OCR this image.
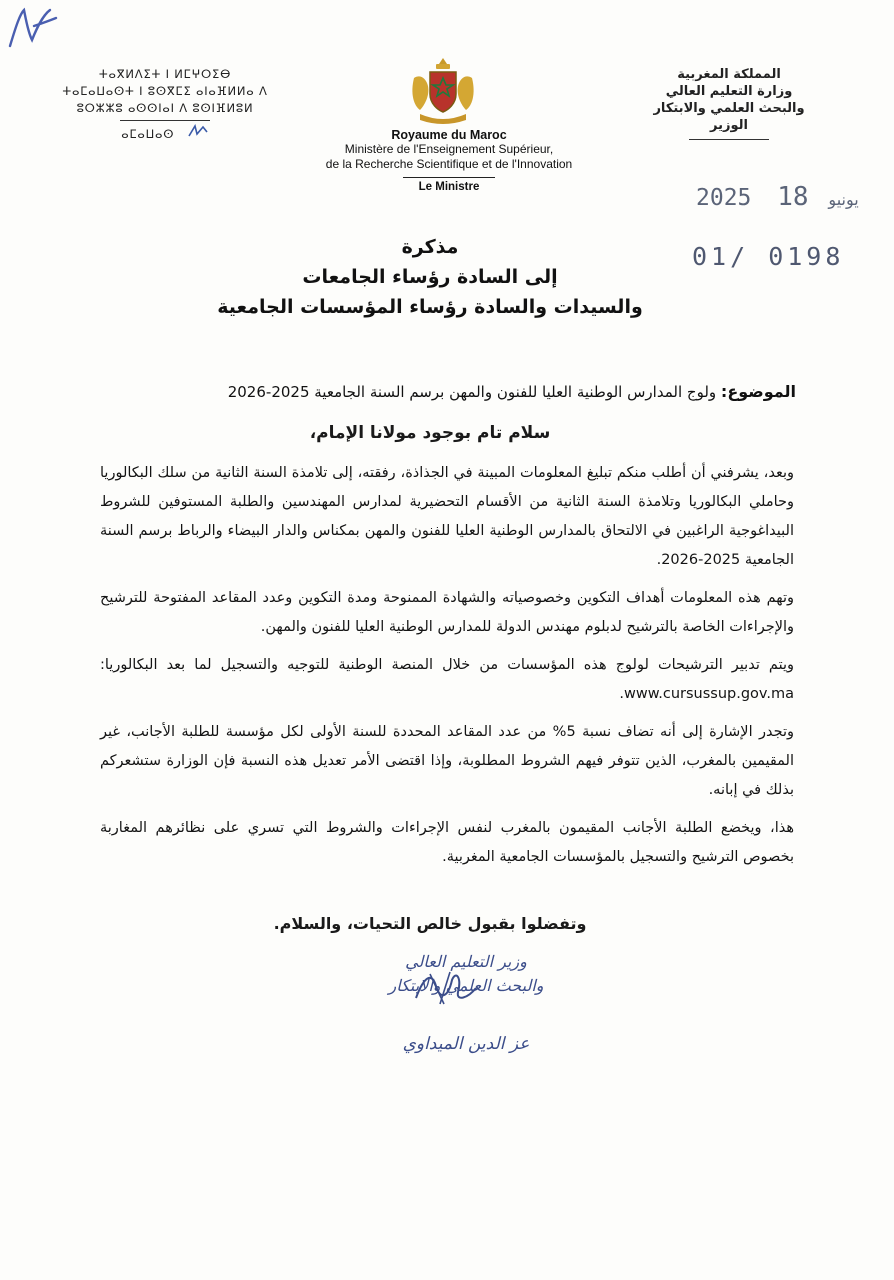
ⵜⴰⴳⵍⴷⵉⵜ ⵏ ⵍⵎⵖⵔⵉⴱ
ⵜⴰⵎⴰⵡⴰⵙⵜ ⵏ ⵓⵙⴳⵎⵉ ⴰⵏⴰⴼⵍⵍⴰ ⴷ
ⵓⵔⵣⵣⵓ ⴰⵙⵙⵏⴰⵏ ⴷ ⵓⵙⵏⴼⵍⵓⵍ
ⴰⵎⴰⵡⴰⵙ	Royaume du Maroc
Ministère de l'Enseignement Supérieur,
de la Recherche Scientifique et de l'Innovation
Le Ministre
المملكة المغربية
وزارة التعليم العالي
والبحث العلمي والابتكار
الوزير
2025	يونيو 18
01/ 0198
مذكرة
إلى السادة رؤساء الجامعات
والسيدات والسادة رؤساء المؤسسات الجامعية
الموضوع: ولوج المدارس الوطنية العليا للفنون والمهن برسم السنة الجامعية 2025-2026
سلام تام بوجود مولانا الإمام،

وبعد، يشرفني أن أطلب منكم تبليغ المعلومات المبينة في الجذاذة، رفقته، إلى تلامذة السنة الثانية من سلك البكالوريا وحاملي البكالوريا وتلامذة السنة الثانية من الأقسام التحضيرية لمدارس المهندسين والطلبة المستوفين للشروط البيداغوجية الراغبين في الالتحاق بالمدارس الوطنية العليا للفنون والمهن بمكناس والدار البيضاء والرباط برسم السنة الجامعية 2025-2026.

وتهم هذه المعلومات أهداف التكوين وخصوصياته والشهادة الممنوحة ومدة التكوين وعدد المقاعد المفتوحة للترشيح والإجراءات الخاصة بالترشيح لدبلوم مهندس الدولة للمدارس الوطنية العليا للفنون والمهن.

ويتم تدبير الترشيحات لولوج هذه المؤسسات من خلال المنصة الوطنية للتوجيه والتسجيل لما بعد البكالوريا: www.cursussup.gov.ma.

وتجدر الإشارة إلى أنه تضاف نسبة 5% من عدد المقاعد المحددة للسنة الأولى لكل مؤسسة للطلبة الأجانب، غير المقيمين بالمغرب، الذين تتوفر فيهم الشروط المطلوبة، وإذا اقتضى الأمر تعديل هذه النسبة فإن الوزارة ستشعركم بذلك في إبانه.

هذا، ويخضع الطلبة الأجانب المقيمون بالمغرب لنفس الإجراءات والشروط التي تسري على نظائرهم المغاربة بخصوص الترشيح والتسجيل بالمؤسسات الجامعية المغربية.

وتفضلوا بقبول خالص التحيات، والسلام.
وزير التعليم العالي
والبحث العلمي والابتكار
عز الدين الميداوي
